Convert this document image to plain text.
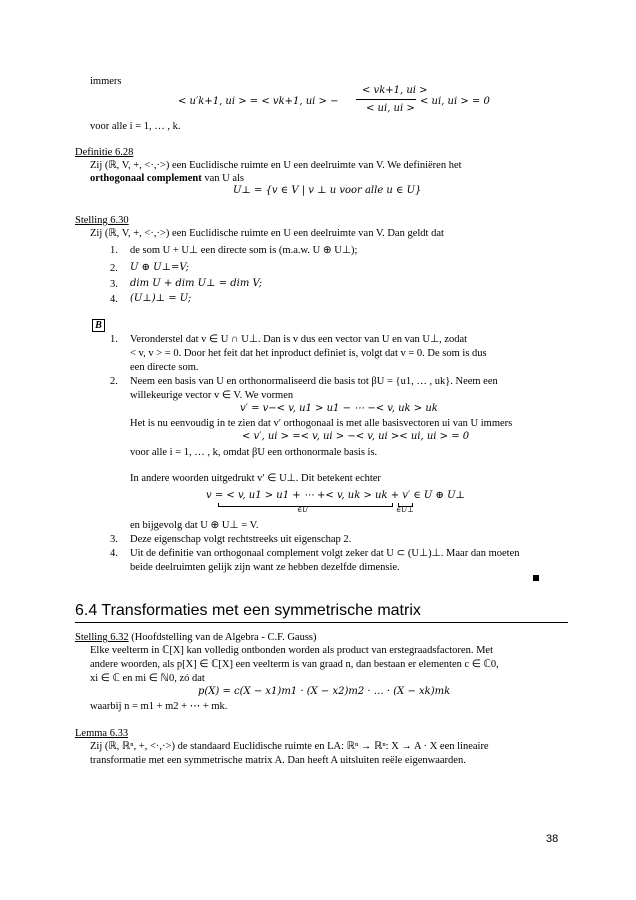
immers
< u′k+1, ui > = < vk+1, ui > −
< vk+1, ui >
< ui, ui >
< ui, ui > = 0
voor alle i = 1, … , k.
Definitie 6.28
Zij (ℝ, V, +, <·,·>) een Euclidische ruimte en U een deelruimte van V. We definiëren het
orthogonaal complement van U als
U⊥ = {v ∈ V | v ⊥ u voor alle u ∈ U}
Stelling 6.30
Zij (ℝ, V, +, <·,·>) een Euclidische ruimte en U een deelruimte van V. Dan geldt dat
1. de som U + U⊥ een directe som is (m.a.w. U ⊕ U⊥);
2. U ⊕ U⊥=V;
3. dim U + dim U⊥ = dim V;
4. (U⊥)⊥ = U;
B
1. Veronderstel dat v ∈ U ∩ U⊥. Dan is v dus een vector van U en van U⊥, zodat
< v, v > = 0. Door het feit dat het inproduct definiet is, volgt dat v = 0. De som is dus
een directe som.
2. Neem een basis van U en orthonormaliseerd die basis tot βU = {u1, … , uk}. Neem een
willekeurige vector v ∈ V. We vormen
v′ = v−< v, u1 > u1 − ⋯ −< v, uk > uk
Het is nu eenvoudig in te zien dat v′ orthogonaal is met alle basisvectoren ui van U immers
< v′, ui > =< v, ui > −< v, ui >< ui, ui > = 0
voor alle i = 1, … , k, omdat βU een orthonormale basis is.
In andere woorden uitgedrukt v′ ∈ U⊥. Dit betekent echter
v = < v, u1 > u1 + ⋯ +< v, uk > uk + v′ ∈ U ⊕ U⊥
∈U	∈U⊥
en bijgevolg dat U ⊕ U⊥ = V.
3. Deze eigenschap volgt rechtstreeks uit eigenschap 2.
4. Uit de definitie van orthogonaal complement volgt zeker dat U ⊂ (U⊥)⊥. Maar dan moeten
beide deelruimten gelijk zijn want ze hebben dezelfde dimensie.
6.4 Transformaties met een symmetrische matrix
Stelling 6.32 (Hoofdstelling van de Algebra - C.F. Gauss)
Elke veelterm in ℂ[X] kan volledig ontbonden worden als product van erstegraadsfactoren. Met
andere woorden, als p[X] ∈ ℂ[X] een veelterm is van graad n, dan bestaan er elementen c ∈ ℂ0,
xi ∈ ℂ en mi ∈ ℕ0, zó dat
p(X) = c(X − x1)m1 · (X − x2)m2 · … · (X − xk)mk
waarbij n = m1 + m2 + ⋯ + mk.
Lemma 6.33
Zij (ℝ, ℝⁿ, +, <·,·>) de standaard Euclidische ruimte en LA: ℝⁿ → ℝⁿ: X → A · X een lineaire
transformatie met een symmetrische matrix A. Dan heeft A uitsluiten reële eigenwaarden.
38
